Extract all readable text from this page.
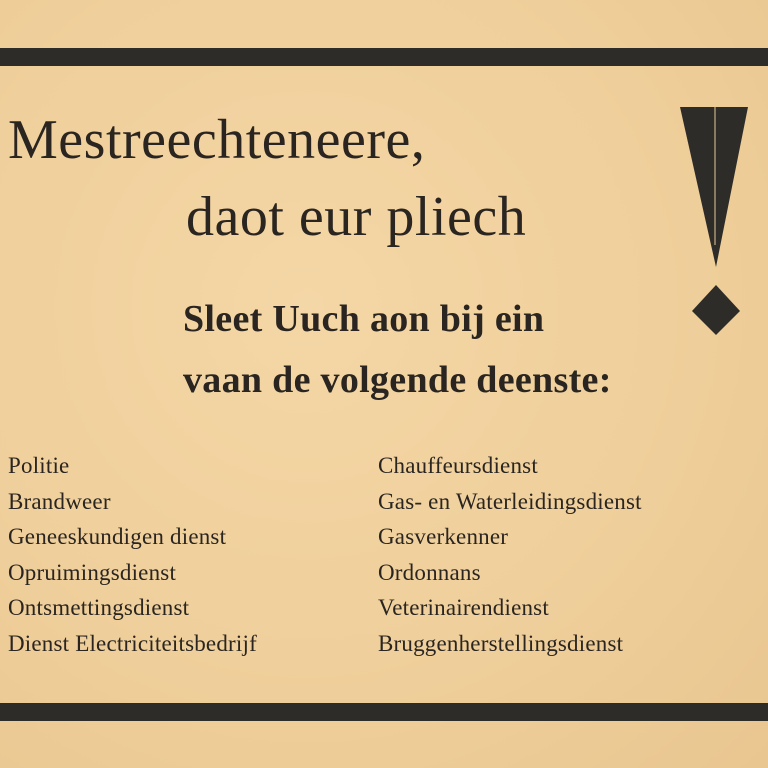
Mestreechteneere,
daot eur pliech
Sleet Uuch aon bij ein
vaan de volgende deenste:
Politie
Brandweer
Geneeskundigen dienst
Opruimingsdienst
Ontsmettingsdienst
Dienst Electriciteitsbedrijf
Chauffeursdienst
Gas- en Waterleidingsdienst
Gasverkenner
Ordonnans
Veterinairendienst
Bruggenherstellingsdienst
